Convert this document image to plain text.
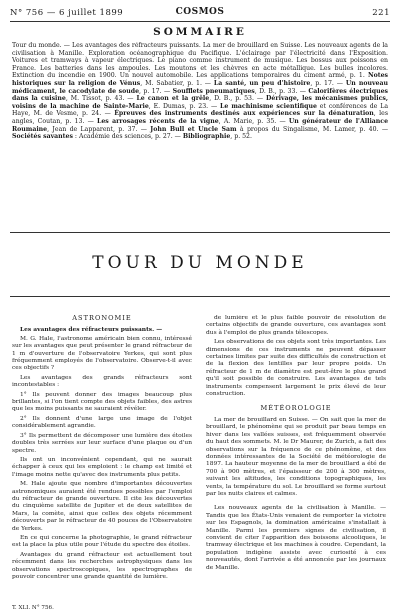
N° 756 — 6 juillet 1899	COSMOS	221
SOMMAIRE
Tour du monde. — Les avantages des réfracteurs puissants. La mer de brouillard en Suisse. Les nouveaux agents de la civilisation à Manille. Exploration océanographique du Pacifique. L'éclairage par l'électricité dans l'Exposition. Voitures et tramways à vapeur électriques. Le piano comme instrument de musique. Les bossus aux poissons en France. Les batteries dans les ampoules. Les moutons et les chèvres en acte métallique. Les bulles incolores. Extinction du incendie en 1900. Un nouvel automobile. Les applications temporaires du ciment armé, p. 1. Notes historiques sur la religion de Vénus, M. Sabatier, p. 1. — La santé, un peu d'histoire, p. 17. — Un nouveau médicament, le cacodylate de soude, p. 17. — Soufflets pneumatiques, D. B., p. 33. — Calorifères électriques dans la cuisine, M. Tissot, p. 43. — Le canon et la grêle, D. B., p. 53. — Dérivage, les mécanismes publics, voisins de la machine de Sainte-Marie, E. Dumas, p. 23. — Le machinisme scientifique et conférences de La Haye, M. de Vesme, p. 24. — Épreuves des instruments destinés aux expériences sur la dénaturation, les angles, Coutan, p. 13. — Les arrosages récents de la vigne, A. Marie, p. 35. — Un générateur de l'Alliance Roumaine, Jean de Lapparent, p. 37. — John Bull et Uncle Sam à propos du Singalisme, M. Lamer, p. 40. — Sociétés savantes : Académie des sciences, p. 27. — Bibliographie, p. 52.
TOUR DU MONDE
ASTRONOMIE

Les avantages des réfracteurs puissants. —

M. G. Hale, l'astronome américain bien connu, intéressé sur les avantages que peut présenter le grand réfracteur de 1 m d'ouverture de l'observatoire Yerkes, qui sont plus fréquemment employés de l'observatoire. Observe-t-il avec ces objectifs ?

Les avantages des grands réfracteurs sont incontestables :

1° Ils peuvent donner des images beaucoup plus brillantes, si l'on tient compte des objets faibles, des astres que les moins puissants ne sauraient révéler.

2° Ils donnent d'une large une image de l'objet considérablement agrandie.

3° Ils permettent de décomposer une lumière des étoiles doubles très serrées sur leur surface d'une plaque ou d'un spectre.

Ils ont un inconvénient cependant, qui ne saurait échapper à ceux qui les emploient : le champ est limité et l'image moins nette qu'avec des instruments plus petits.

M. Hale ajoute que nombre d'importantes découvertes astronomiques auraient été rendues possibles par l'emploi du réfracteur de grande ouverture. Il cite les découvertes du cinquième satellite de Jupiter et de deux satellites de Mars, la comète, ainsi que celles des objets récemment découverts par le réfracteur de 40 pouces de l'Observatoire de Yerkes.

En ce qui concerne la photographie, le grand réfracteur est la place la plus utile pour l'étude du spectre des étoiles.

Avantages du grand réfracteur est actuellement tout récemment dans les recherches astrophysiques dans les observations spectroscopiques, les spectrographes de pouvoir concentrer une grande quantité de lumière.

de lumière et le plus faible pouvoir de résolution de certains objectifs de grande ouverture, ces avantages sont dus à l'emploi de plus grands télescopes.

Les observations de ces objets sont très importantes. Les dimensions de ces instruments ne peuvent dépasser certaines limites par suite des difficultés de construction et de la flexion des lentilles par leur propre poids. Un réfracteur de 1 m de diamètre est peut-être le plus grand qu'il soit possible de construire. Les avantages de tels instruments compensent largement le prix élevé de leur construction.

MÉTÉOROLOGIE

La mer de brouillard en Suisse. — On sait que la mer de brouillard, le phénomène qui se produit par beau temps en hiver dans les vallées suisses, est fréquemment observée du haut des sommets. M. le Dr Maurer, de Zurich, a fait des observations sur la fréquence de ce phénomène, et des données intéressantes de la Société de météorologie de 1897. La hauteur moyenne de la mer de brouillard a été de 700 à 900 mètres, et l'épaisseur de 200 à 300 mètres, suivant les altitudes, les conditions topographiques, les vents, la température du sol. Le brouillard se forme surtout par les nuits claires et calmes.

Les nouveaux agents de la civilisation à Manille. — Tandis que les États-Unis venaient de remporter la victoire sur les Espagnols, la domination américaine s'installait à Manille. Parmi les premiers signes de civilisation, il convient de citer l'apparition des boissons alcooliques, le tramway électrique et les machines à coudre. Cependant, la population indigène assiste avec curiosité à ces nouveautés, dont l'arrivée a été annoncée par les journaux de Manille.

T. XLI. N° 756.
